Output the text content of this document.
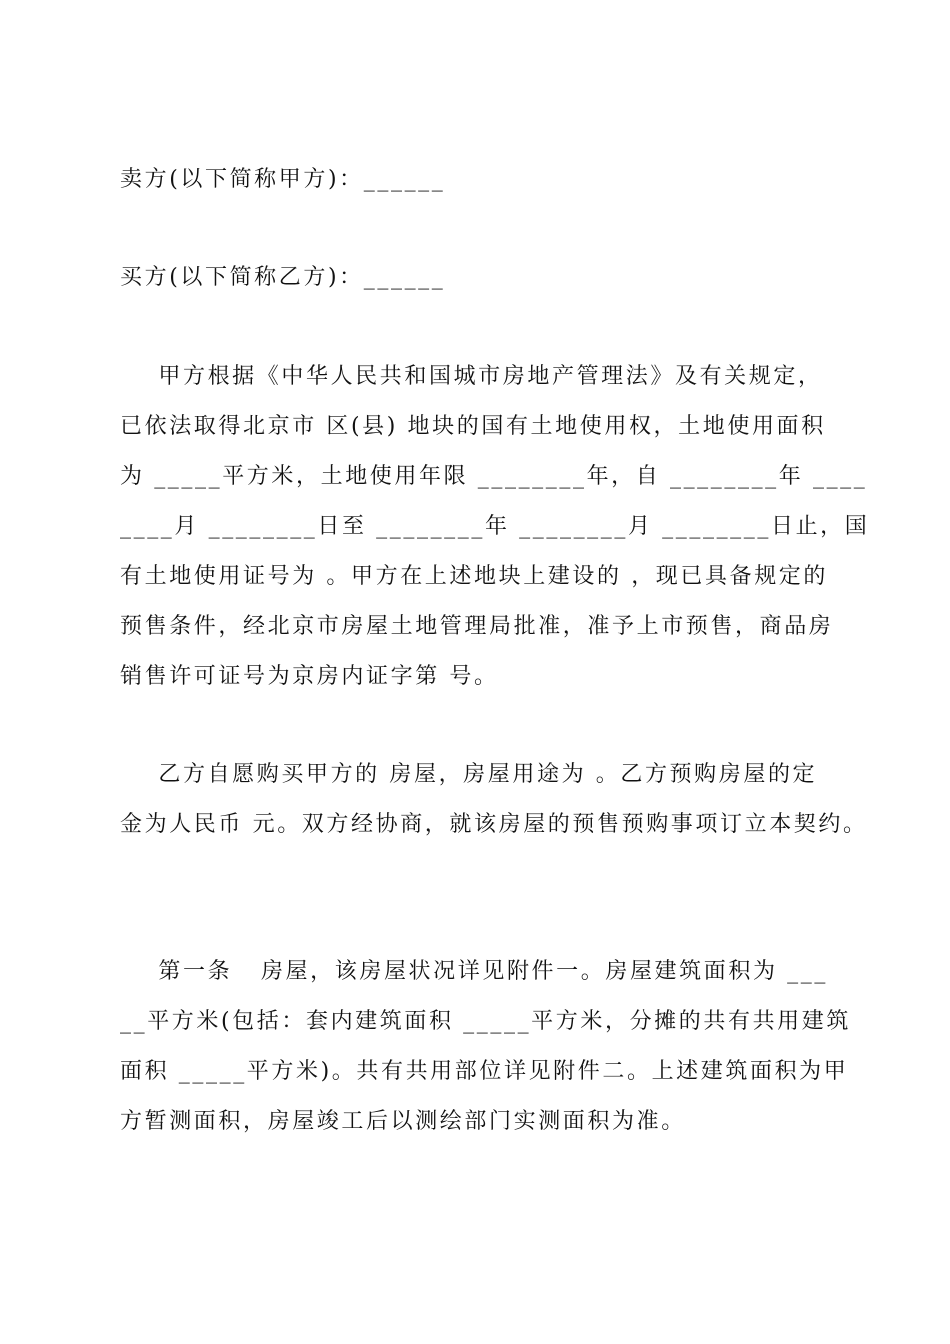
卖方(以下简称甲方)：______
买方(以下简称乙方)：______
甲方根据《中华人民共和国城市房地产管理法》及有关规定，
已依法取得北京市 区(县) 地块的国有土地使用权，土地使用面积
为 _____平方米，土地使用年限 ________年，自 ________年 ____
____月 ________日至 ________年 ________月 ________日止，国
有土地使用证号为 。甲方在上述地块上建设的 ，现已具备规定的
预售条件，经北京市房屋土地管理局批准，准予上市预售，商品房
销售许可证号为京房内证字第 号。
乙方自愿购买甲方的 房屋，房屋用途为 。乙方预购房屋的定
金为人民币 元。双方经协商，就该房屋的预售预购事项订立本契约。
第一条   房屋，该房屋状况详见附件一。房屋建筑面积为 ___
__平方米(包括：套内建筑面积 _____平方米，分摊的共有共用建筑
面积 _____平方米)。共有共用部位详见附件二。上述建筑面积为甲
方暂测面积，房屋竣工后以测绘部门实测面积为准。
